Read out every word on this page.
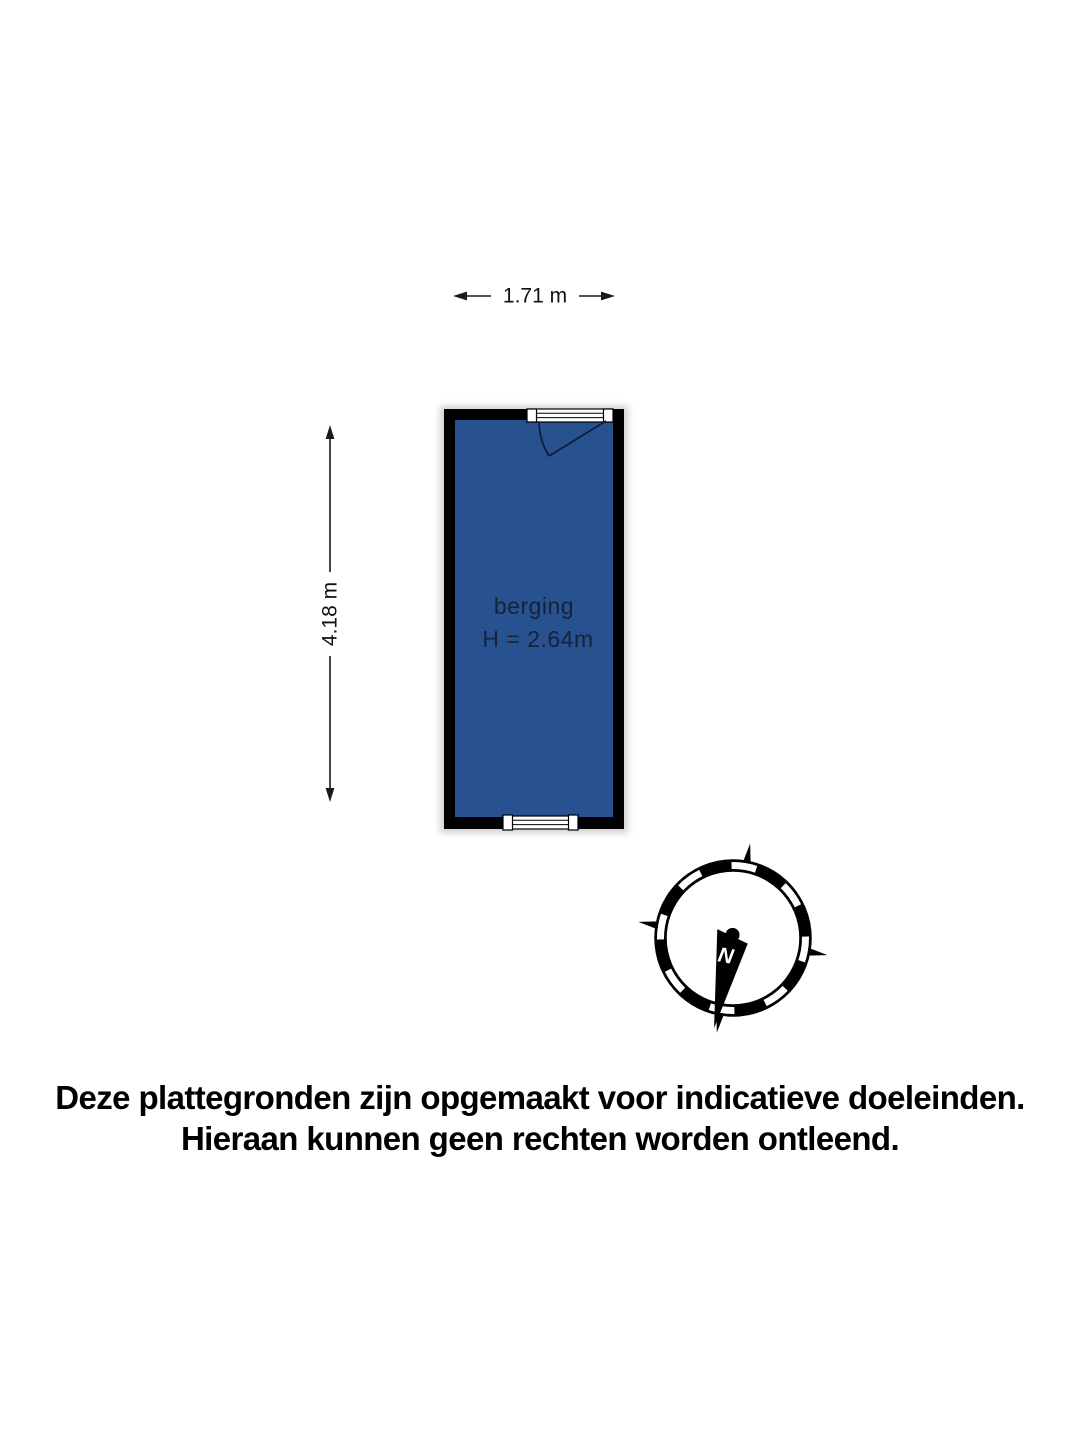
1.71 m
4.18 m	berging
H = 2.64m
N
Deze plattegronden zijn opgemaakt voor indicatieve doeleinden.
Hieraan kunnen geen rechten worden ontleend.
